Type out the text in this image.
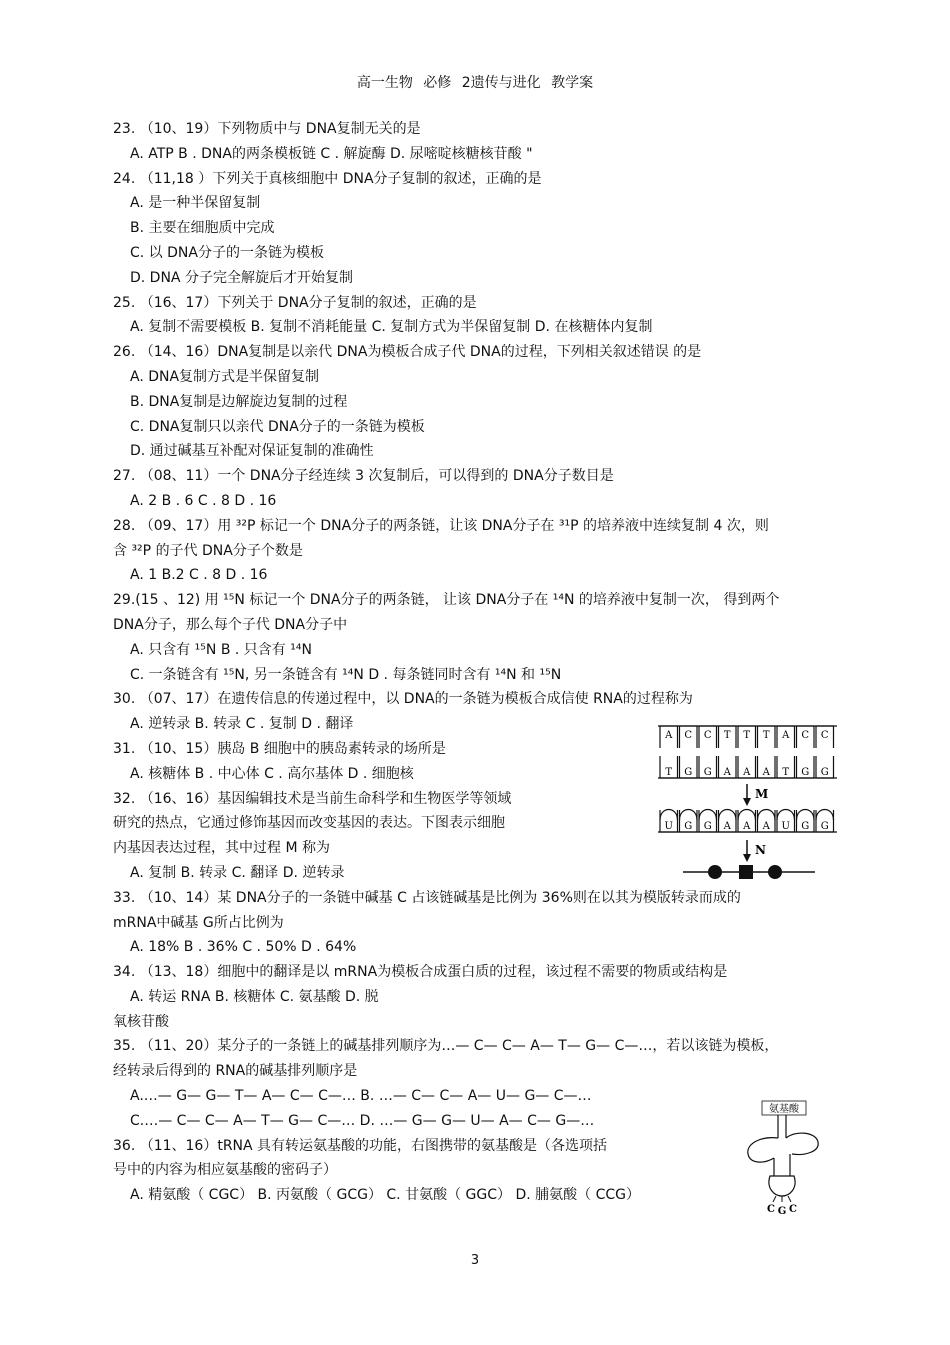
高一生物 必修 2遗传与进化 教学案
23. （10、19）下列物质中与 DNA复制无关的是
A. ATP B . DNA的两条模板链 C . 解旋酶 D. 尿嘧啶核糖核苷酸 "
24. （11,18 ）下列关于真核细胞中 DNA分子复制的叙述，正确的是
A. 是一种半保留复制
B. 主要在细胞质中完成
C. 以 DNA分子的一条链为模板
D. DNA 分子完全解旋后才开始复制
25. （16、17）下列关于 DNA分子复制的叙述，正确的是
A. 复制不需要模板 B. 复制不消耗能量 C. 复制方式为半保留复制 D. 在核糖体内复制
26. （14、16）DNA复制是以亲代 DNA为模板合成子代 DNA的过程，下列相关叙述错误 的是
A. DNA复制方式是半保留复制
B. DNA复制是边解旋边复制的过程
C. DNA复制只以亲代 DNA分子的一条链为模板
D. 通过碱基互补配对保证复制的准确性
27. （08、11）一个 DNA分子经连续 3 次复制后，可以得到的 DNA分子数目是
A. 2 B . 6 C . 8 D . 16
28. （09、17）用 ³²P 标记一个 DNA分子的两条链，让该 DNA分子在 ³¹P 的培养液中连续复制 4 次，则
含 ³²P 的子代 DNA分子个数是
A. 1 B.2 C . 8 D . 16
29.(15 、12) 用 ¹⁵N 标记一个 DNA分子的两条链， 让该 DNA分子在 ¹⁴N 的培养液中复制一次， 得到两个
DNA分子，那么每个子代 DNA分子中
A. 只含有 ¹⁵N B . 只含有 ¹⁴N
C. 一条链含有 ¹⁵N, 另一条链含有 ¹⁴N D . 每条链同时含有 ¹⁴N 和 ¹⁵N
30. （07、17）在遗传信息的传递过程中，以 DNA的一条链为模板合成信使 RNA的过程称为
A. 逆转录 B. 转录 C . 复制 D . 翻译
31. （10、15）胰岛 B 细胞中的胰岛素转录的场所是
A. 核糖体 B . 中心体 C . 高尔基体 D . 细胞核
32. （16、16）基因编辑技术是当前生命科学和生物医学等领域
研究的热点，它通过修饰基因而改变基因的表达。下图表示细胞
内基因表达过程，其中过程 M 称为
A. 复制 B. 转录 C. 翻译 D. 逆转录
33. （10、14）某 DNA分子的一条链中碱基 C 占该链碱基是比例为 36%则在以其为模版转录而成的
mRNA中碱基 G所占比例为
A. 18% B . 36% C . 50% D . 64%
34. （13、18）细胞中的翻译是以 mRNA为模板合成蛋白质的过程，该过程不需要的物质或结构是
A. 转运 RNA B. 核糖体 C. 氨基酸 D. 脱
氧核苷酸
35. （11、20）某分子的一条链上的碱基排列顺序为…— C— C— A— T— G— C—…，若以该链为模板，
经转录后得到的 RNA的碱基排列顺序是
A.…— G— G— T— A— C— C—… B. …— C— C— A— U— G— C—…
C.…— C— C— A— T— G— C—… D. …— G— G— U— A— C— G—…
36. （11、16）tRNA 具有转运氨基酸的功能，右图携带的氨基酸是（各选项括
号中的内容为相应氨基酸的密码子）
A. 精氨酸（ CGC） B. 丙氨酸（ GCG） C. 甘氨酸（ GGC） D. 脯氨酸（ CCG）
A C C T T T A C C
T G G A A A T G G
M
U G G A A A U G G
N
氨基酸
C G C
3
